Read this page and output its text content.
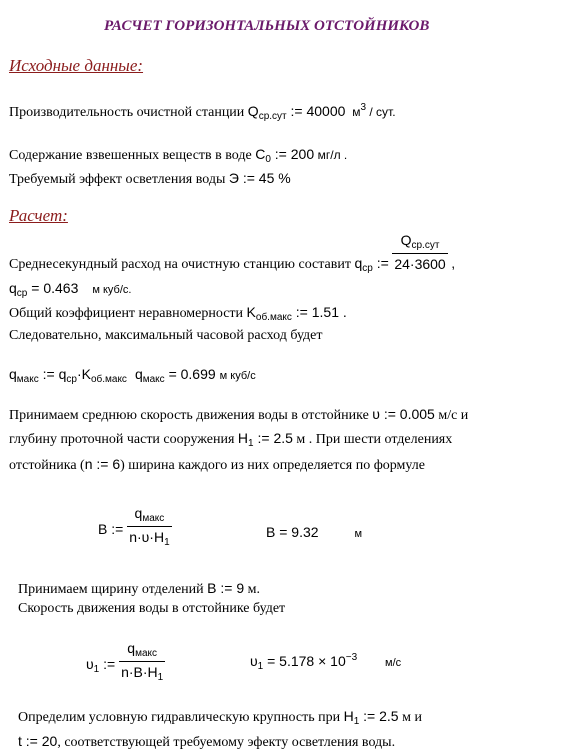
РАСЧЕТ ГОРИЗОНТАЛЬНЫХ ОТСТОЙНИКОВ
Исходные данные:
Производительность очистной станции $Q_{ср.сут}$ := 40000 $м^3$ / сут.
Содержание взвешенных веществ в воде $C_0$ := 200 мг/л .
Требуемый эффект осветления воды Э := 45 %
Расчет:
Среднесекундный расход на очистную станцию составит $q_{ср}$ := $\frac{Q_{ср.сут}}{24\cdot 3600}$ ,
$q_{ср} = 0.463$ м куб/с.
Общий коэффициент неравномерности $K_{об.макс}$ := 1.51 .
Следовательно, максимальный часовой расход будет
$q_{макс}$ := $q_{ср}\cdot K_{об.макс}$ $q_{макс} = 0.699$ м куб/с
Принимаем среднюю скорость движения воды в отстойнике υ := 0.005 м/с и
глубину проточной части сооружения $H_1$ := 2.5 м . При шести отделениях
отстойника (n := 6) ширина каждого из них определяется по формуле
B := $\frac{q_{макс}}{n\cdot\upsilon\cdot H_1}$	B = 9.32	м
Принимаем щирину отделений B := 9 м.
Скорость движения воды в отстойнике будет
$\upsilon_1$ := $\frac{q_{макс}}{n\cdot B\cdot H_1}$	$\upsilon_1 = 5.178 \times 10^{-3}$	м/с
Определим условную гидравлическую крупность при $H_1$ := 2.5 м и
t := 20, соответствующей требуемому эфекту осветления воды.
